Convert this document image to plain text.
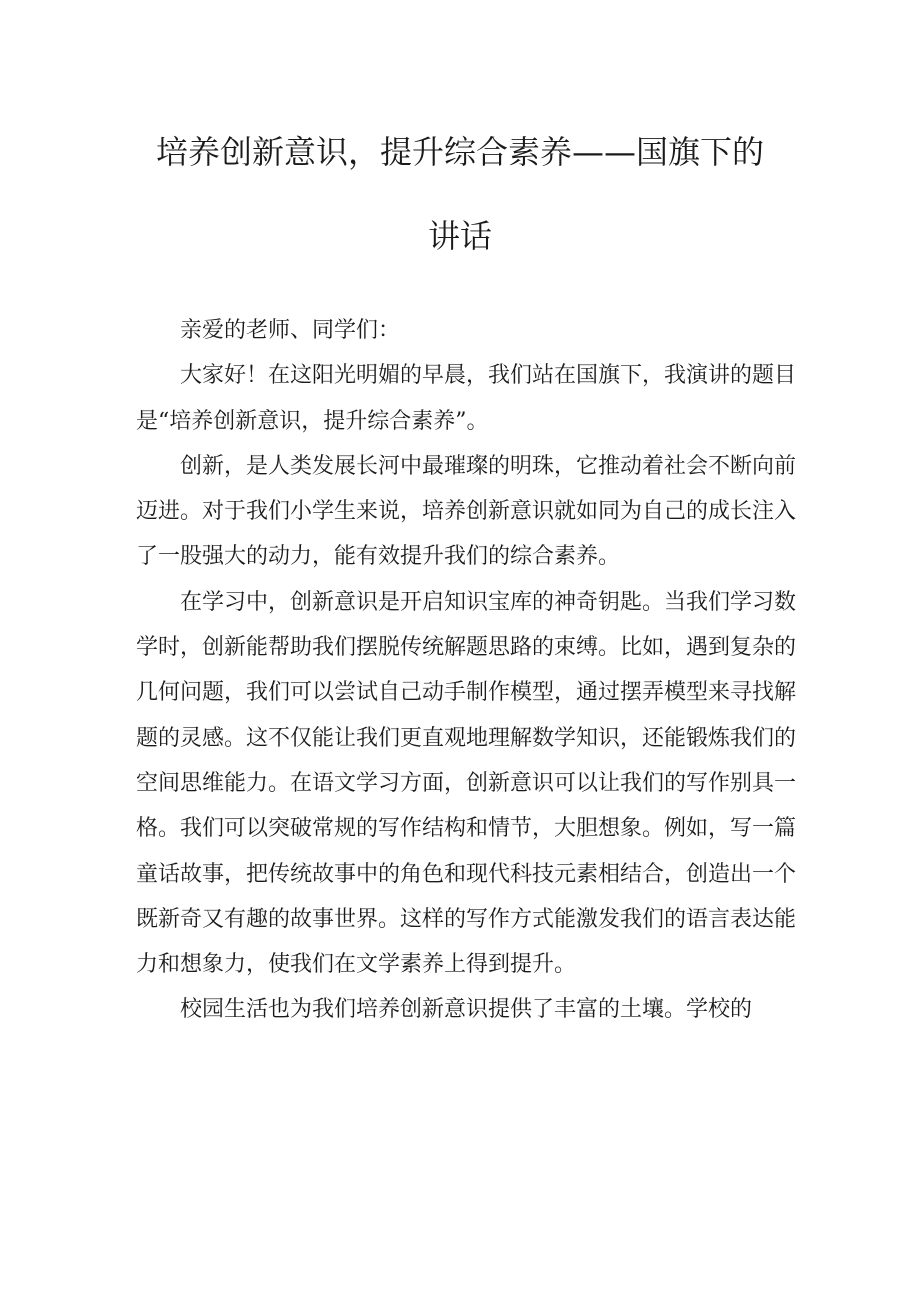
培养创新意识，提升综合素养——国旗下的
讲话

亲爱的老师、同学们：

大家好！在这阳光明媚的早晨，我们站在国旗下，我演讲的题目是“培养创新意识，提升综合素养”。

创新，是人类发展长河中最璀璨的明珠，它推动着社会不断向前迈进。对于我们小学生来说，培养创新意识就如同为自己的成长注入了一股强大的动力，能有效提升我们的综合素养。

在学习中，创新意识是开启知识宝库的神奇钥匙。当我们学习数学时，创新能帮助我们摆脱传统解题思路的束缚。比如，遇到复杂的几何问题，我们可以尝试自己动手制作模型，通过摆弄模型来寻找解题的灵感。这不仅能让我们更直观地理解数学知识，还能锻炼我们的空间思维能力。在语文学习方面，创新意识可以让我们的写作别具一格。我们可以突破常规的写作结构和情节，大胆想象。例如，写一篇童话故事，把传统故事中的角色和现代科技元素相结合，创造出一个既新奇又有趣的故事世界。这样的写作方式能激发我们的语言表达能力和想象力，使我们在文学素养上得到提升。

校园生活也为我们培养创新意识提供了丰富的土壤。学校的
